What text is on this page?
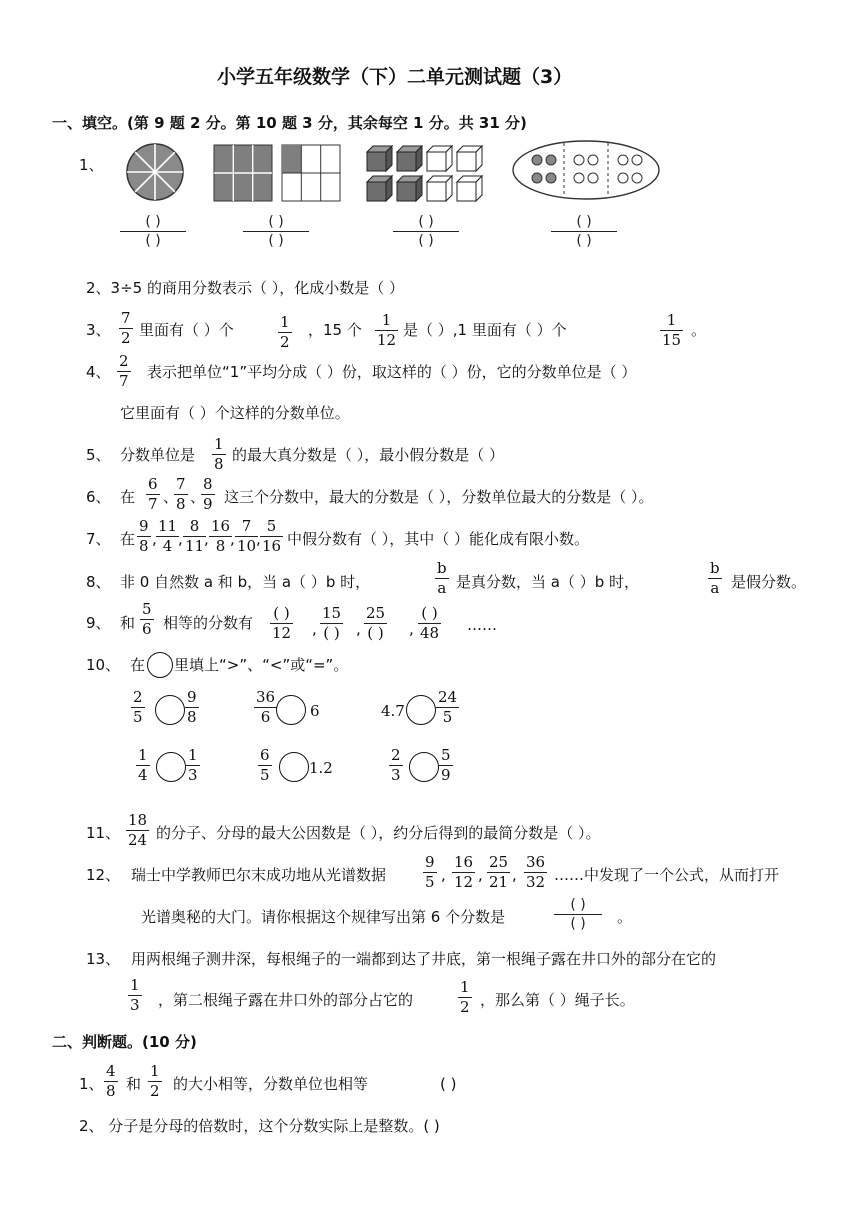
小学五年级数学（下）二单元测试题（3）
一、填空。(第 9 题 2 分。第 10 题 3 分，其余每空 1 分。共 31 分)
1、
( )
( )
( )
( )
( )
( )
( )
( )
2、3÷5 的商用分数表示（ ），化成小数是（ ）
3、
7
2 里面有（ ）个	1
2
，15 个
1
12
是（ ）,1 里面有（ ）个
1
15
。
4、
2
7 表示把单位“1”平均分成（ ）份，取这样的（ ）份，它的分数单位是（ ）
它里面有（ ）个这样的分数单位。
5、 分数单位是
1
8 的最大真分数是（ ），最小假分数是（ ）
6、 在
6
7 、
7
8 、
8
9 这三个分数中，最大的分数是（ ），分数单位最大的分数是（ ）。
7、 在
9
8 ,
11
4 ,
8
11 ,
16
8 ,
7
10 ,
5
16 中假分数有（ ），其中（ ）能化成有限小数。
8、 非 0 自然数 a 和 b，当 a（ ）b 时，
b
a 是真分数，当 a（ ）b 时，
b
a 是假分数。
9、 和
5
6 相等的分数有
( )
12 ,
15
( ) ,
25
( ) ,
( )
48 ……
10、 在 里填上“>”、“<”或“=”。
2
5
9
8
36
6	6	4.7
24
5
1
4
1
3
6
5	1.2
2
3
5
9
11、
18
24 的分子、分母的最大公因数是（ ），约分后得到的最简分数是（ ）。
12、 瑞士中学教师巴尔末成功地从光谱数据
9
5 ,
16
12 ,
25
21 ,
36
32 ……中发现了一个公式，从而打开
光谱奥秘的大门。请你根据这个规律写出第 6 个分数是
( )
( )	。
13、 用两根绳子测井深，每根绳子的一端都到达了井底，第一根绳子露在井口外的部分在它的
1
3 ，第二根绳子露在井口外的部分占它的
1
2 ，那么第（ ）绳子长。
二、判断题。(10 分)
1、
4
8 和
1
2 的大小相等，分数单位也相等	( )
2、 分子是分母的倍数时，这个分数实际上是整数。( )
